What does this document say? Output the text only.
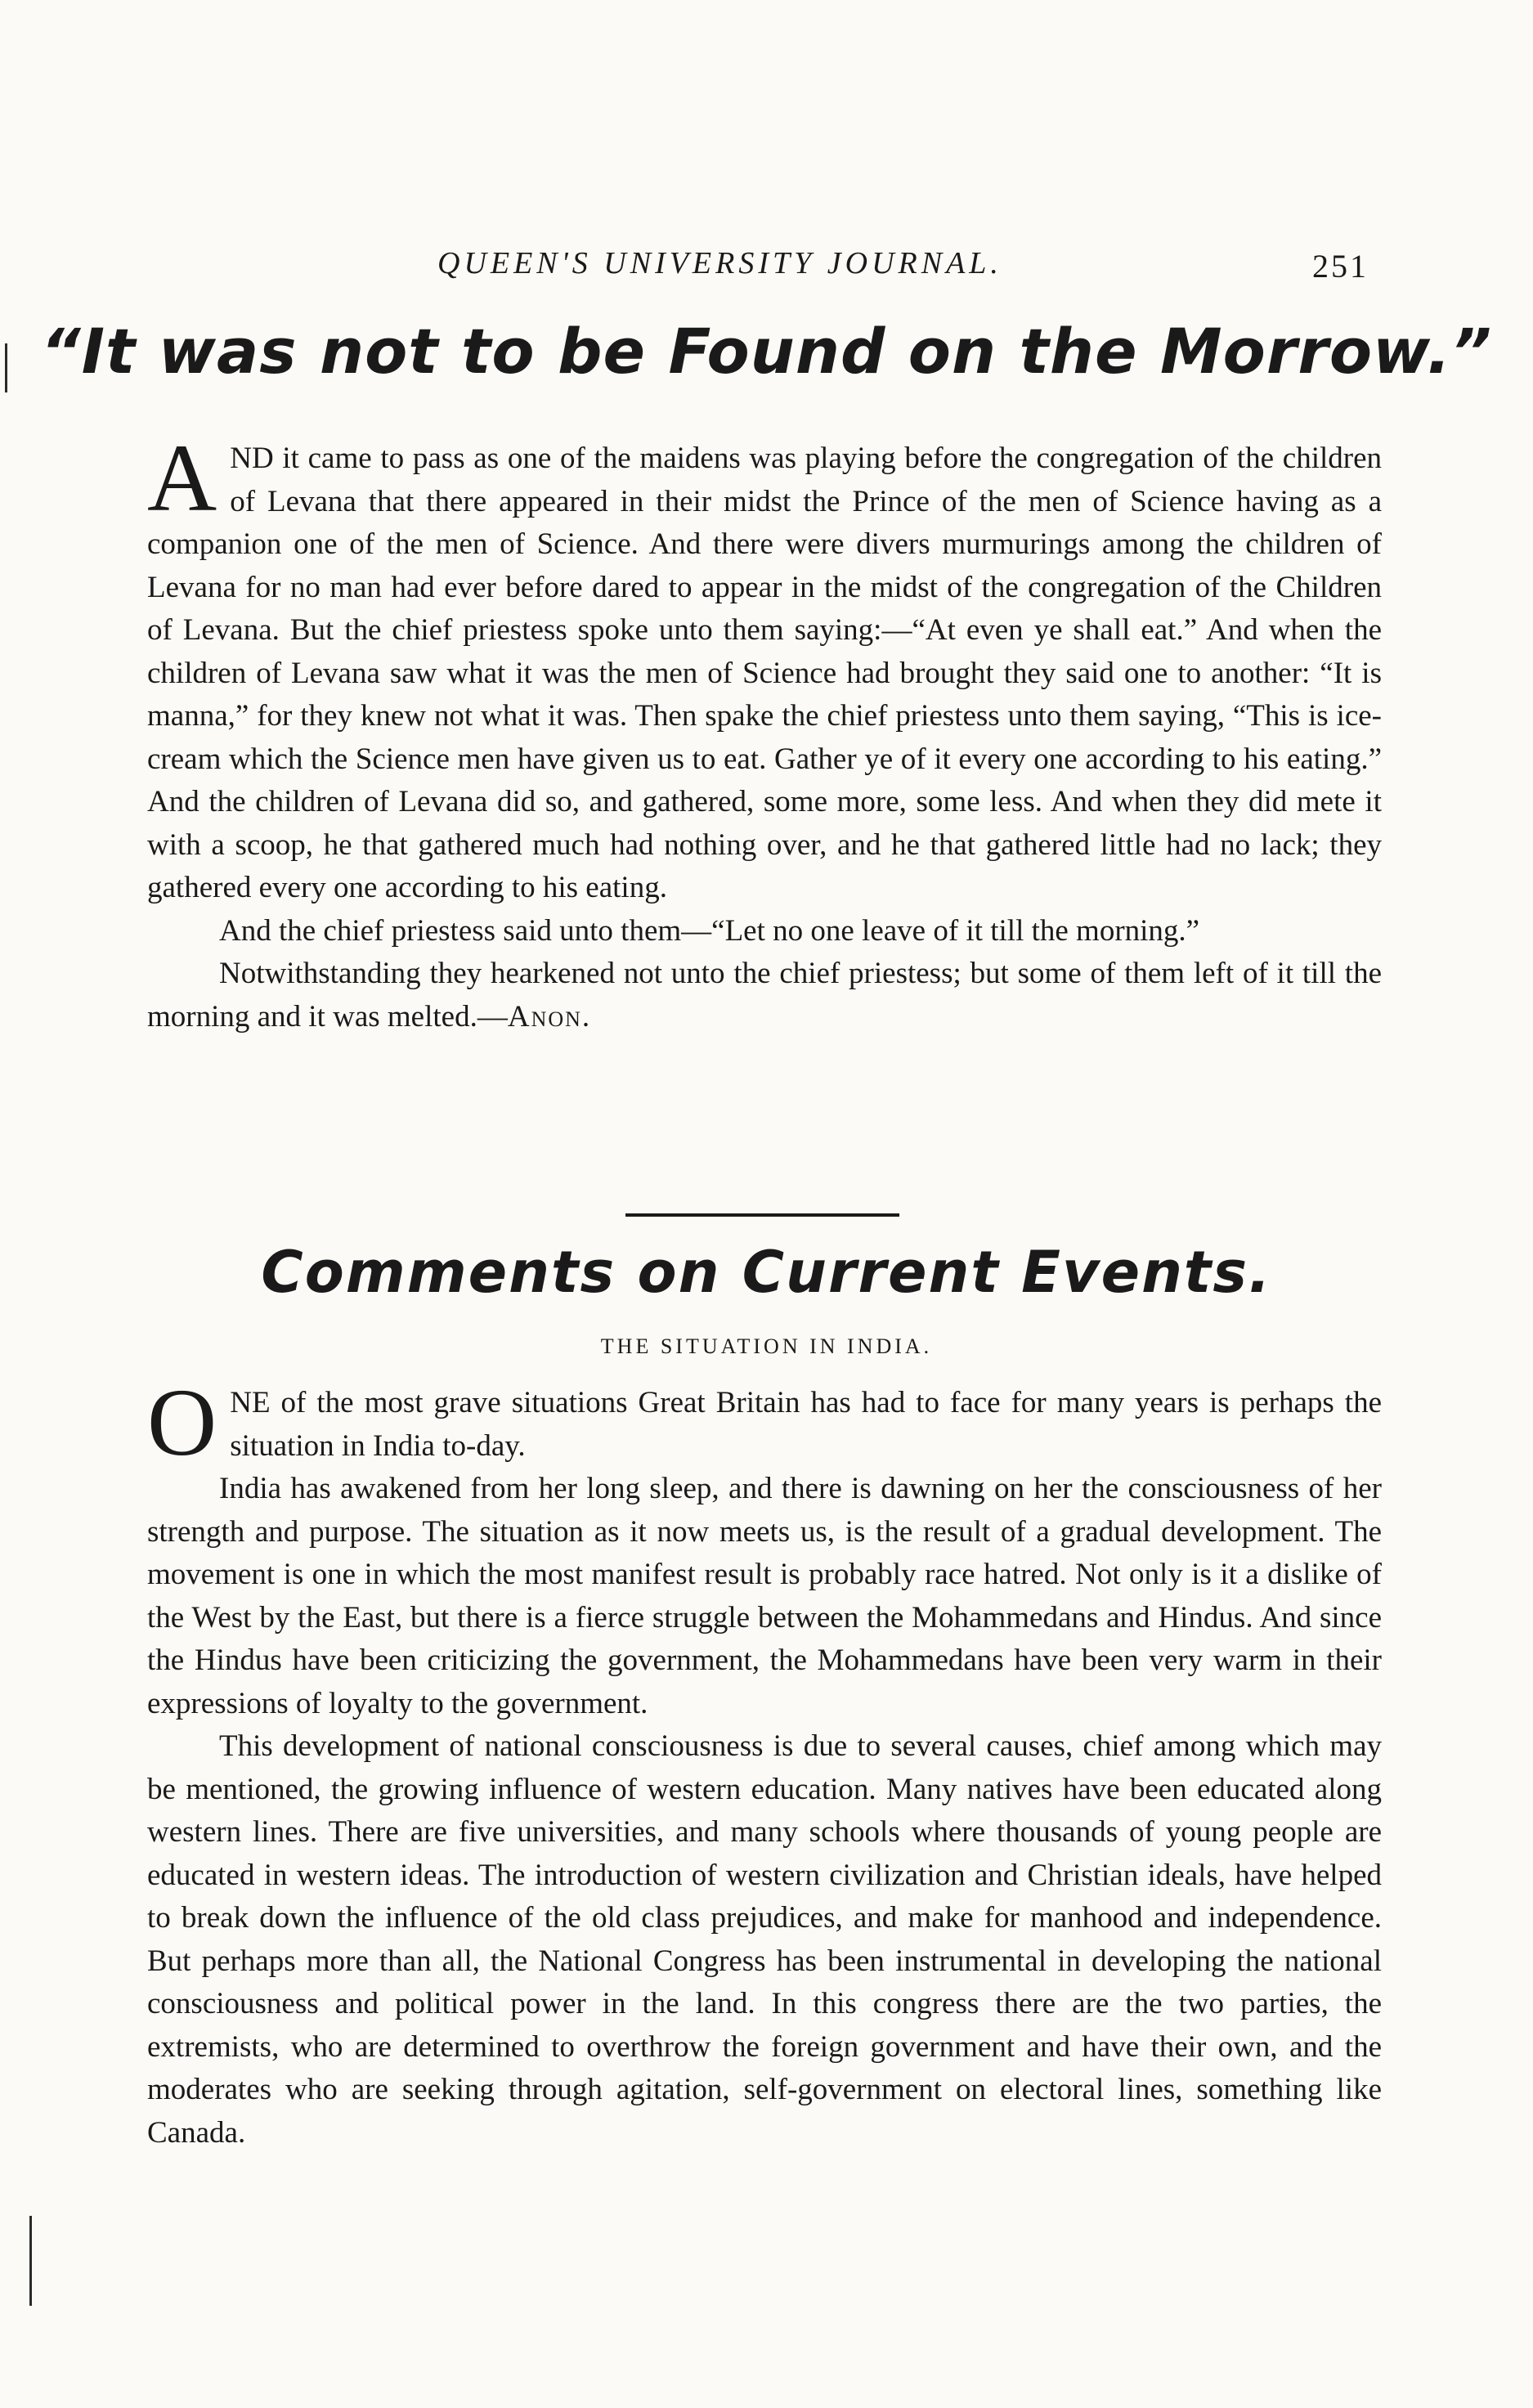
QUEEN'S UNIVERSITY JOURNAL.	251
“It was not to be Found on the Morrow.”

AND it came to pass as one of the maidens was playing before the congregation of the children of Levana that there appeared in their midst the Prince of the men of Science having as a companion one of the men of Science. And there were divers murmurings among the children of Levana for no man had ever before dared to appear in the midst of the congregation of the Children of Levana. But the chief priestess spoke unto them saying:—“At even ye shall eat.” And when the children of Levana saw what it was the men of Science had brought they said one to another: “It is manna,” for they knew not what it was. Then spake the chief priestess unto them saying, “This is ice-cream which the Science men have given us to eat. Gather ye of it every one according to his eating.” And the children of Levana did so, and gathered, some more, some less. And when they did mete it with a scoop, he that gathered much had nothing over, and he that gathered little had no lack; they gathered every one according to his eating.

And the chief priestess said unto them—“Let no one leave of it till the morning.”

Notwithstanding they hearkened not unto the chief priestess; but some of them left of it till the morning and it was melted.—Anon.

Comments on Current Events.
THE SITUATION IN INDIA.

ONE of the most grave situations Great Britain has had to face for many years is perhaps the situation in India to-day.

India has awakened from her long sleep, and there is dawning on her the consciousness of her strength and purpose. The situation as it now meets us, is the result of a gradual development. The movement is one in which the most manifest result is probably race hatred. Not only is it a dislike of the West by the East, but there is a fierce struggle between the Mohammedans and Hindus. And since the Hindus have been criticizing the government, the Mohammedans have been very warm in their expressions of loyalty to the government.

This development of national consciousness is due to several causes, chief among which may be mentioned, the growing influence of western education. Many natives have been educated along western lines. There are five universities, and many schools where thousands of young people are educated in western ideas. The introduction of western civilization and Christian ideals, have helped to break down the influence of the old class prejudices, and make for manhood and independence. But perhaps more than all, the National Congress has been instrumental in developing the national consciousness and political power in the land. In this congress there are the two parties, the extremists, who are determined to overthrow the foreign government and have their own, and the moderates who are seeking through agitation, self-government on electoral lines, something like Canada.
